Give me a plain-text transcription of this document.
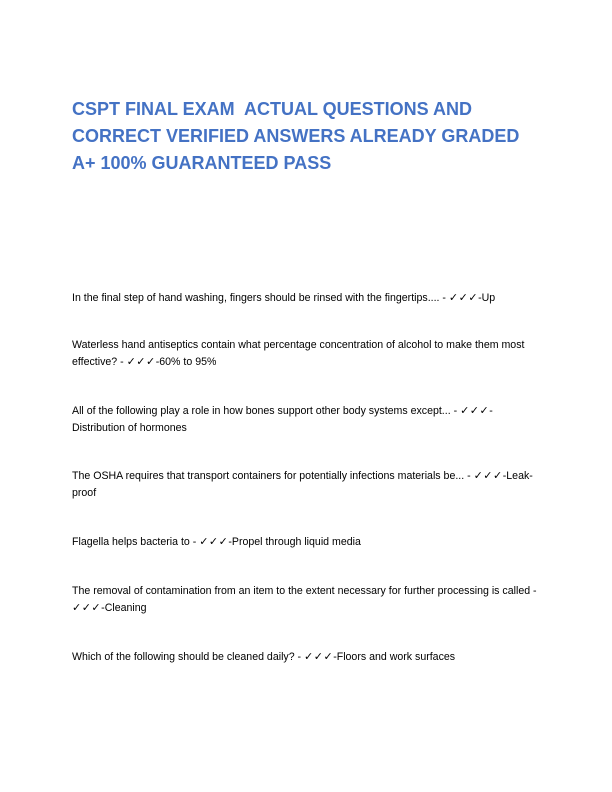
CSPT FINAL EXAM  ACTUAL QUESTIONS AND CORRECT VERIFIED ANSWERS ALREADY GRADED A+ 100% GUARANTEED PASS

In the final step of hand washing, fingers should be rinsed with the fingertips.... - ✓✓✓-Up

Waterless hand antiseptics contain what percentage concentration of alcohol to make them most effective? - ✓✓✓-60% to 95%

All of the following play a role in how bones support other body systems except... - ✓✓✓-Distribution of hormones

The OSHA requires that transport containers for potentially infections materials be... - ✓✓✓-Leak-proof

Flagella helps bacteria to - ✓✓✓-Propel through liquid media

The removal of contamination from an item to the extent necessary for further processing is called - ✓✓✓-Cleaning

Which of the following should be cleaned daily? - ✓✓✓-Floors and work surfaces
